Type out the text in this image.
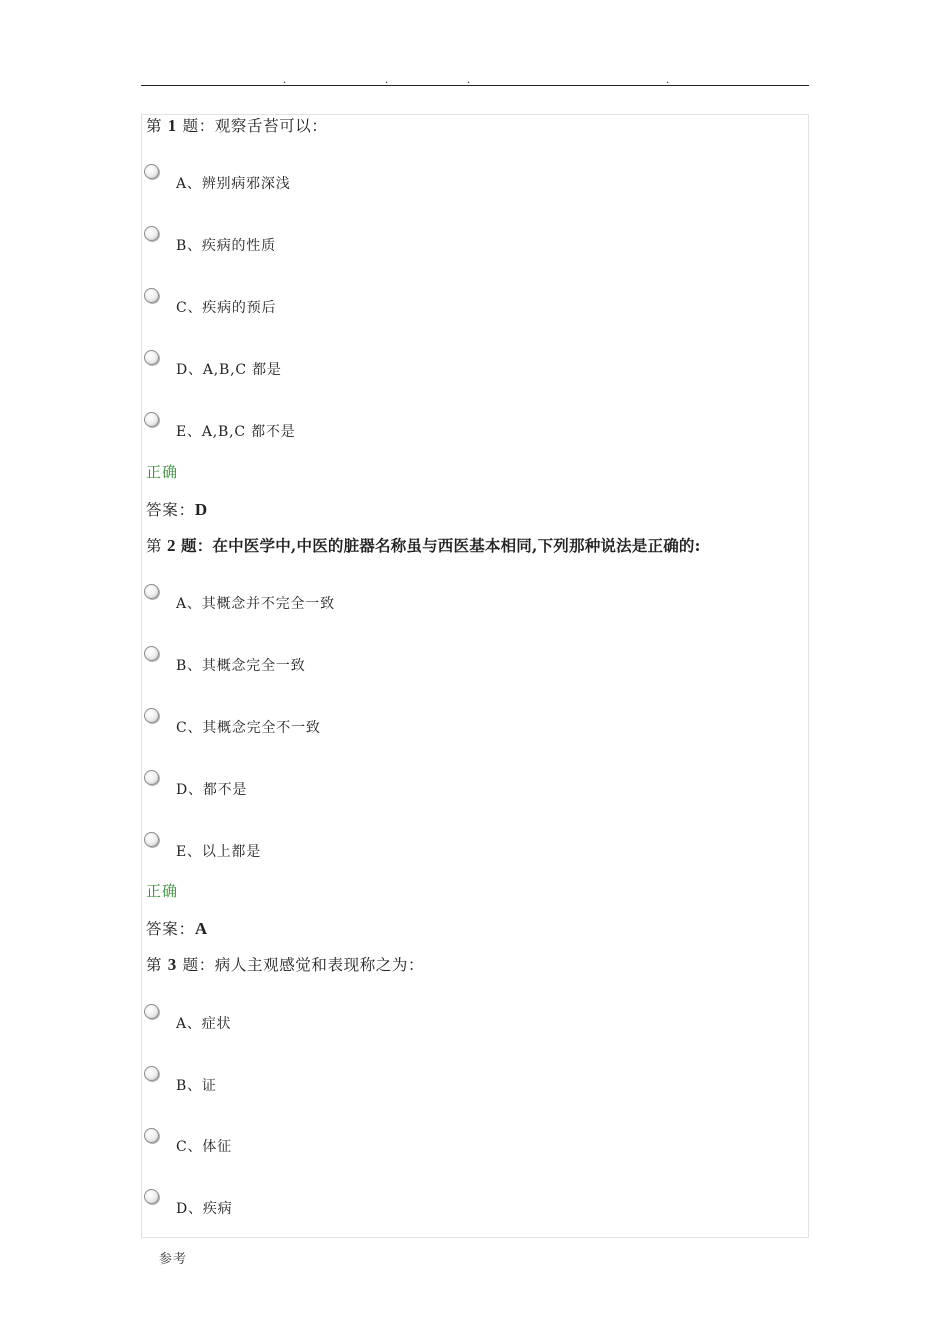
.	.	.	.
第 1 题：观察舌苔可以：
A、辨别病邪深浅
B、疾病的性质
C、疾病的预后
D、A,B,C 都是
E、A,B,C 都不是
正确
答案：D
第 2 题：在中医学中,中医的脏器名称虽与西医基本相同,下列那种说法是正确的:
A、其概念并不完全一致
B、其概念完全一致
C、其概念完全不一致
D、都不是
E、以上都是
正确
答案：A
第 3 题：病人主观感觉和表现称之为：
A、症状
B、证
C、体征
D、疾病
参考
